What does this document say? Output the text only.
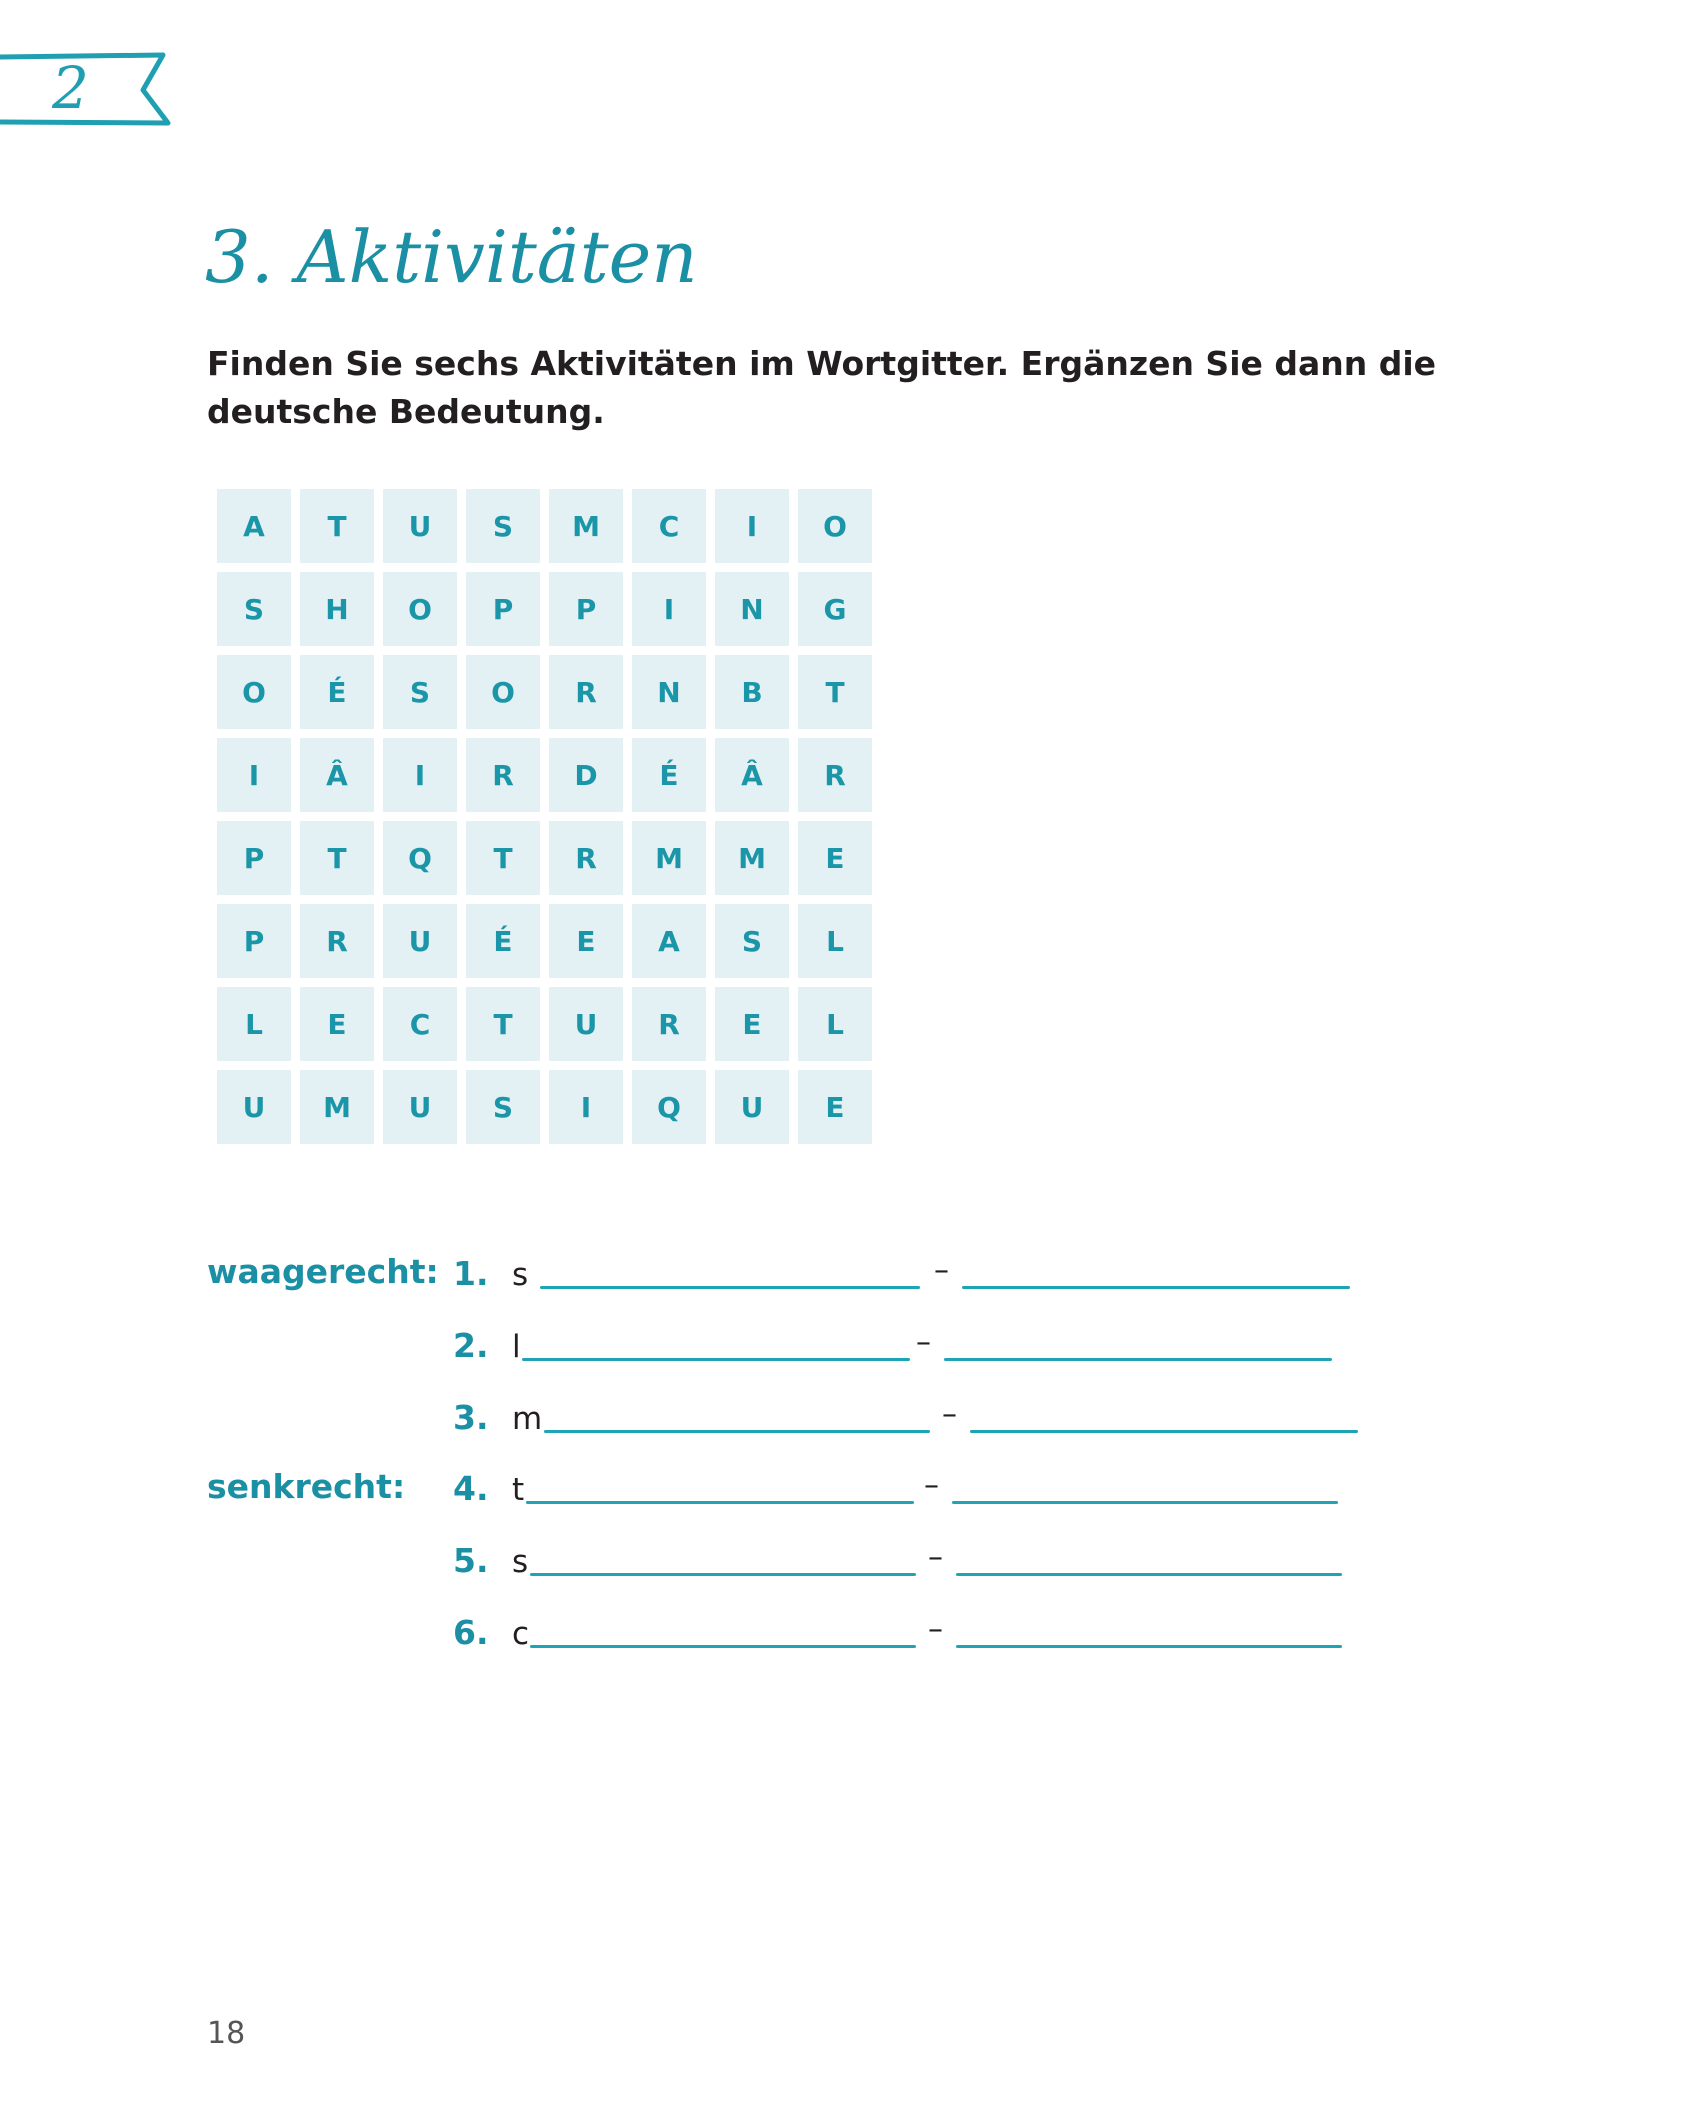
2
3. Aktivitäten

Finden Sie sechs Aktivitäten im Wortgitter. Ergänzen Sie dann die deutsche Bedeutung.

A	T	U	S	M	C	I	O
S	H	O	P	P	I	N	G
O	É	S	O	R	N	B	T
I	Â	I	R	D	É	Â	R
P	T	Q	T	R	M	M	E
P	R	U	É	E	A	S	L
L	E	C	T	U	R	E	L
U	M	U	S	I	Q	U	E
waagerecht:
senkrecht:
1. s	–
2. l	–
3. m	–
4. t	–
5. s	–
6. c	–
18
